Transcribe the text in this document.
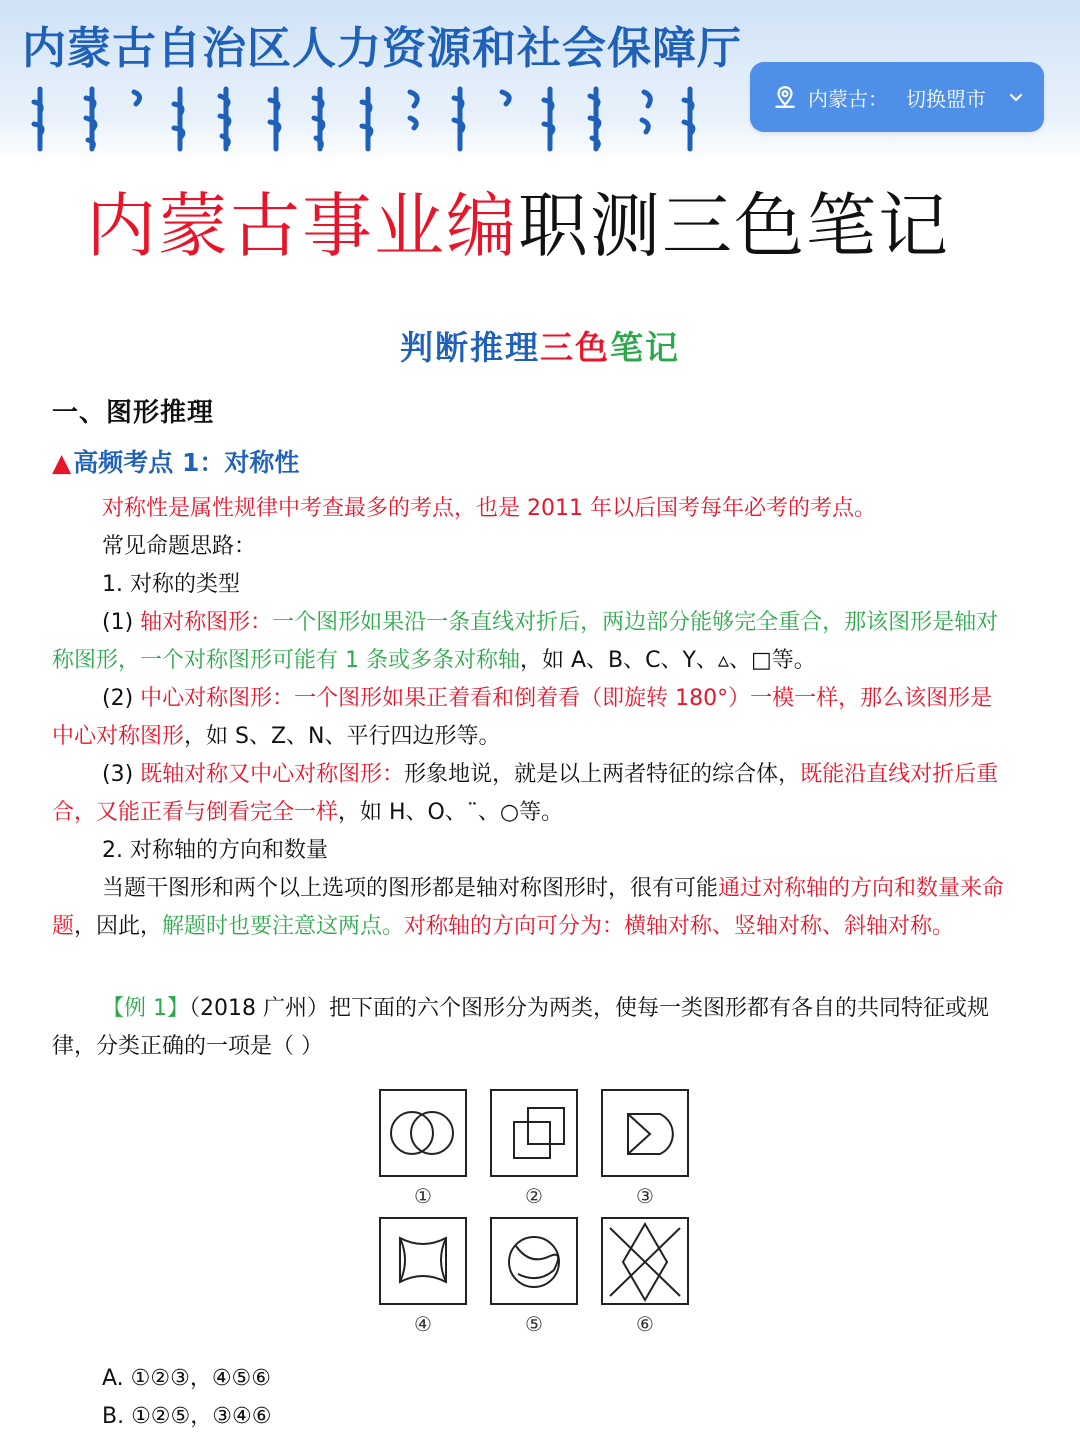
内蒙古自治区人力资源和社会保障厅
内蒙古： 切换盟市
内蒙古事业编职测三色笔记
判断推理三色笔记
一、图形推理
▲高频考点 1：对称性
对称性是属性规律中考查最多的考点，也是 2011 年以后国考每年必考的考点。
常见命题思路：
1. 对称的类型
(1) 轴对称图形：一个图形如果沿一条直线对折后，两边部分能够完全重合，那该图形是轴对称图形，一个对称图形可能有 1 条或多条对称轴，如 A、B、C、Y、▵、□等。
(2) 中心对称图形：一个图形如果正着看和倒着看（即旋转 180°）一模一样，那么该图形是中心对称图形，如 S、Z、N、平行四边形等。
(3) 既轴对称又中心对称图形：形象地说，就是以上两者特征的综合体，既能沿直线对折后重合，又能正看与倒看完全一样，如 H、O、¨、○等。
2. 对称轴的方向和数量
当题干图形和两个以上选项的图形都是轴对称图形时，很有可能通过对称轴的方向和数量来命题，因此，解题时也要注意这两点。对称轴的方向可分为：横轴对称、竖轴对称、斜轴对称。
【例 1】（2018 广州）把下面的六个图形分为两类，使每一类图形都有各自的共同特征或规律，分类正确的一项是（ ）
①	②	③
④	⑤	⑥
A. ①②③，④⑤⑥
B. ①②⑤，③④⑥
